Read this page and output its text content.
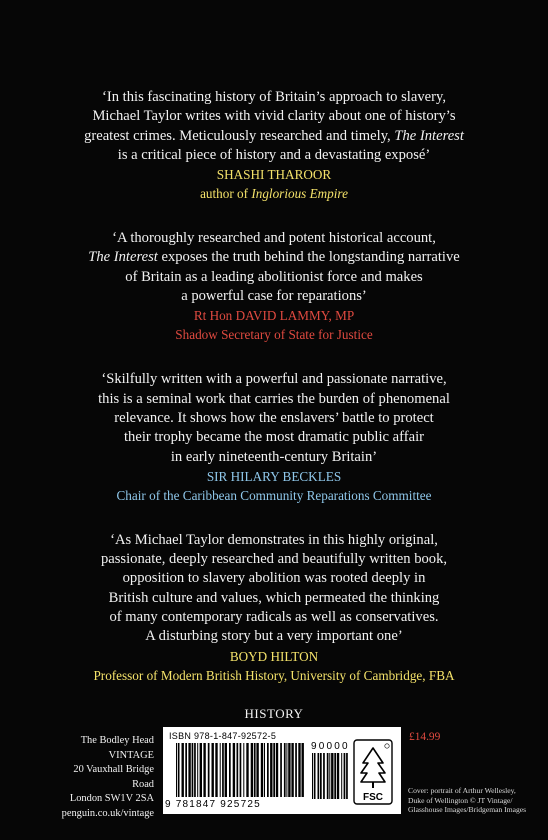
‘In this fascinating history of Britain’s approach to slavery,
Michael Taylor writes with vivid clarity about one of history’s
greatest crimes. Meticulously researched and timely, The Interest
is a critical piece of history and a devastating exposé’

SHASHI THAROOR
author of Inglorious Empire

‘A thoroughly researched and potent historical account,
The Interest exposes the truth behind the longstanding narrative
of Britain as a leading abolitionist force and makes
a powerful case for reparations’

Rt Hon DAVID LAMMY, MP
Shadow Secretary of State for Justice

‘Skilfully written with a powerful and passionate narrative,
this is a seminal work that carries the burden of phenomenal
relevance. It shows how the enslavers’ battle to protect
their trophy became the most dramatic public affair
in early nineteenth-century Britain’

SIR HILARY BECKLES
Chair of the Caribbean Community Reparations Committee

‘As Michael Taylor demonstrates in this highly original,
passionate, deeply researched and beautifully written book,
opposition to slavery abolition was rooted deeply in
British culture and values, which permeated the thinking
of many contemporary radicals as well as conservatives.
A disturbing story but a very important one’

BOYD HILTON
Professor of Modern British History, University of Cambridge, FBA
HISTORY
The Bodley Head
VINTAGE
20 Vauxhall Bridge Road
London SW1V 2SA
penguin.co.uk/vintage
ISBN 978-1-847-92572-5
9 781847 925725
90000
FSC
£14.99
Cover: portrait of Arthur Wellesley, Duke of Wellington © JT Vintage/ Glasshouse Images/Bridgeman Images
